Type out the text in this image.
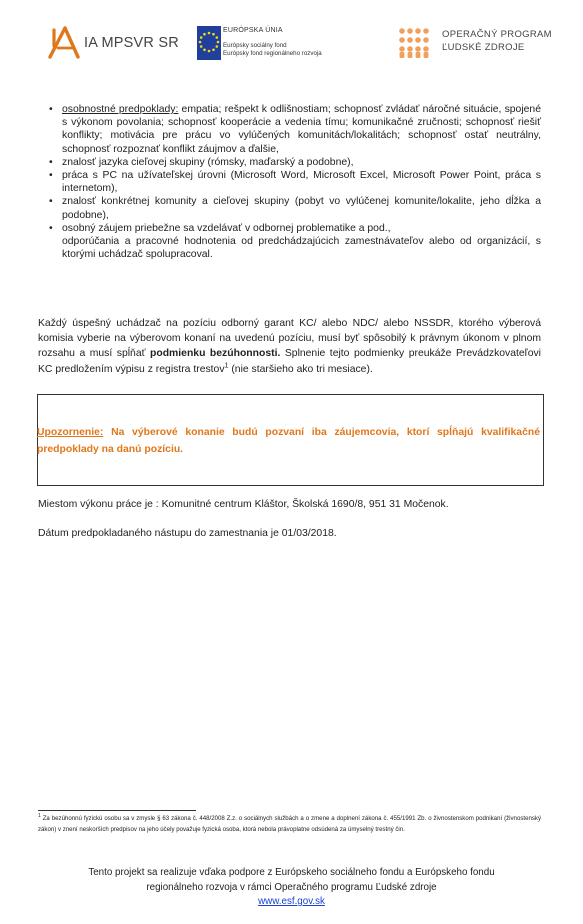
IA MPSVR SR
EURÓPSKA ÚNIA
Európsky sociálny fond
Európsky fond regionálneho rozvoja
OPERAČNÝ PROGRAM
ĽUDSKÉ ZDROJE
• osobnostné predpoklady: empatia; rešpekt k odlišnostiam; schopnosť zvládať náročné situácie, spojené s výkonom povolania; schopnosť kooperácie a vedenia tímu; komunikačné zručnosti; schopnosť riešiť konflikty; motivácia pre prácu vo vylúčených komunitách/lokalitách; schopnosť ostať neutrálny, schopnosť rozpoznať konflikt záujmov a ďalšie,
• znalosť jazyka cieľovej skupiny (rómsky, maďarský a podobne),
• práca s PC na užívateľskej úrovni (Microsoft Word, Microsoft Excel, Microsoft Power Point, práca s internetom),
• znalosť konkrétnej komunity a cieľovej skupiny (pobyt vo vylúčenej komunite/lokalite, jeho dĺžka a podobne),
• osobný záujem priebežne sa vzdelávať v odbornej problematike a pod.,
odporúčania a pracovné hodnotenia od predchádzajúcich zamestnávateľov alebo od organizácií, s ktorými uchádzač spolupracoval.
Každý úspešný uchádzač na pozíciu odborný garant KC/ alebo NDC/ alebo NSSDR, ktorého výberová komisia vyberie na výberovom konaní na uvedenú pozíciu, musí byť spôsobilý k právnym úkonom v plnom rozsahu a musí spĺňať podmienku bezúhonnosti. Splnenie tejto podmienky preukáže Prevádzkovateľovi KC predložením výpisu z registra trestov$^1$ (nie staršieho ako tri mesiace).
Upozornenie: Na výberové konanie budú pozvaní iba záujemcovia, ktorí spĺňajú kvalifikačné predpoklady na danú pozíciu.
Miestom výkonu práce je : Komunitné centrum Kláštor, Školská 1690/8, 951 31 Močenok.
Dátum predpokladaného nástupu do zamestnania je 01/03/2018.
$^1$ Za bezúhonnú fyzickú osobu sa v zmysle § 63 zákona č. 448/2008 Z.z. o sociálnych službách a o zmene a doplnení zákona č. 455/1991 Zb. o živnostenskom podnikaní (živnostenský zákon) v znení neskorších predpisov na jeho účely považuje fyzická osoba, ktorá nebola právoplatne odsúdená za úmyselný trestný čin.
Tento projekt sa realizuje vďaka podpore z Európskeho sociálneho fondu a Európskeho fondu
regionálneho rozvoja v rámci Operačného programu Ľudské zdroje
www.esf.gov.sk
